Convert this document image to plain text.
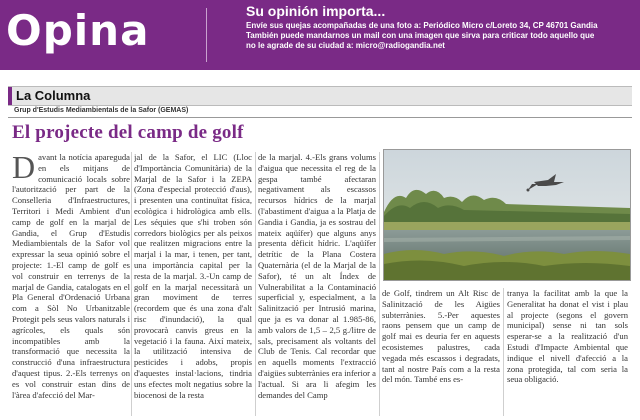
Opina	Su opinión importa...
Envíe sus quejas acompañadas de una foto a: Periódico Micro c/Loreto 34, CP 46701 Gandia
También puede mandarnos un mail con una imagen que sirva para criticar todo aquello que
no le agrade de su ciudad a: micro@radiogandia.net
La Columna
Grup d'Estudis Mediambientals de la Safor (GEMAS)
El projecte del camp de golf
Davant la notícia apareguda en els mitjans de comunicació locals sobre l'autorització per part de la Conselleria d'Infraestructures, Territori i Medi Ambient d'un camp de golf en la marjal de Gandia, el Grup d'Estudis Mediambientals de la Safor vol expressar la seua opinió sobre el projecte: 1.-El camp de golf es vol construir en terrenys de la marjal de Gandia, catalogats en el Pla General d'Ordenació Urbana com a Sòl No Urbanitzable Protegit pels seus valors naturals i agrícoles, els quals són incompatibles amb la transformació que necessita la construcció d'una infraestructura d'aquest tipus. 2.-Els terrenys on es vol construir estan dins de l'àrea d'afecció del Mar-
jal de la Safor, el LIC (Lloc d'Importància Comunitària) de la Marjal de la Safor i la ZEPA (Zona d'especial protecció d'aus), i presenten una continuïtat física, ecològica i hidrològica amb ells. Les séquies que s'hi troben són corredors biològics per als peixos que realitzen migracions entre la marjal i la mar, i tenen, per tant, una importància capital per la resta de la marjal. 3.-Un camp de golf en la marjal necessitarà un gran moviment de terres (recordem que és una zona d'alt risc d'inundació), la qual provocarà canvis greus en la vegetació i la fauna. Així mateix, la utilització intensiva de pesticides i adobs, propis d'aquestes instal·lacions, tindria uns efectes molt negatius sobre la biocenosi de la resta
de la marjal. 4.-Els grans volums d'aigua que necessita el reg de la gespa també afectaran negativament als escassos recursos hídrics de la marjal (l'abastiment d'aigua a la Platja de Gandia i Gandia, ja es sostrau del mateix aqüífer) que alguns anys presenta dèficit hídric. L'aqüífer detrític de la Plana Costera Quaternària (el de la Marjal de la Safor), té un alt Índex de Vulnerabilitat a la Contaminació superficial y, especialment, a la Salinització per Intrusió marina, que ja es va donar al 1.985-86, amb valors de 1,5 – 2,5 g./litre de sals, precisament als voltants del Club de Tenis. Cal recordar que en aquells moments l'extracció d'aigües subterrànies era inferior a l'actual. Si ara li afegim les demandes del Camp
de Golf, tindrem un Alt Risc de Salinització de les Aigües subterrànies. 5.-Per aquestes raons pensem que un camp de golf mai es deuria fer en aquests ecosistemes palustres, cada vegada més escassos i degradats, tant al nostre País com a la resta del món. També ens es-
tranya la facilitat amb la que la Generalitat ha donat el vist i plau al projecte (segons el govern municipal) sense ni tan sols esperar-se a la realització d'un Estudi d'Impacte Ambiental que indique el nivell d'afecció a la zona protegida, tal com seria la seua obligació.
